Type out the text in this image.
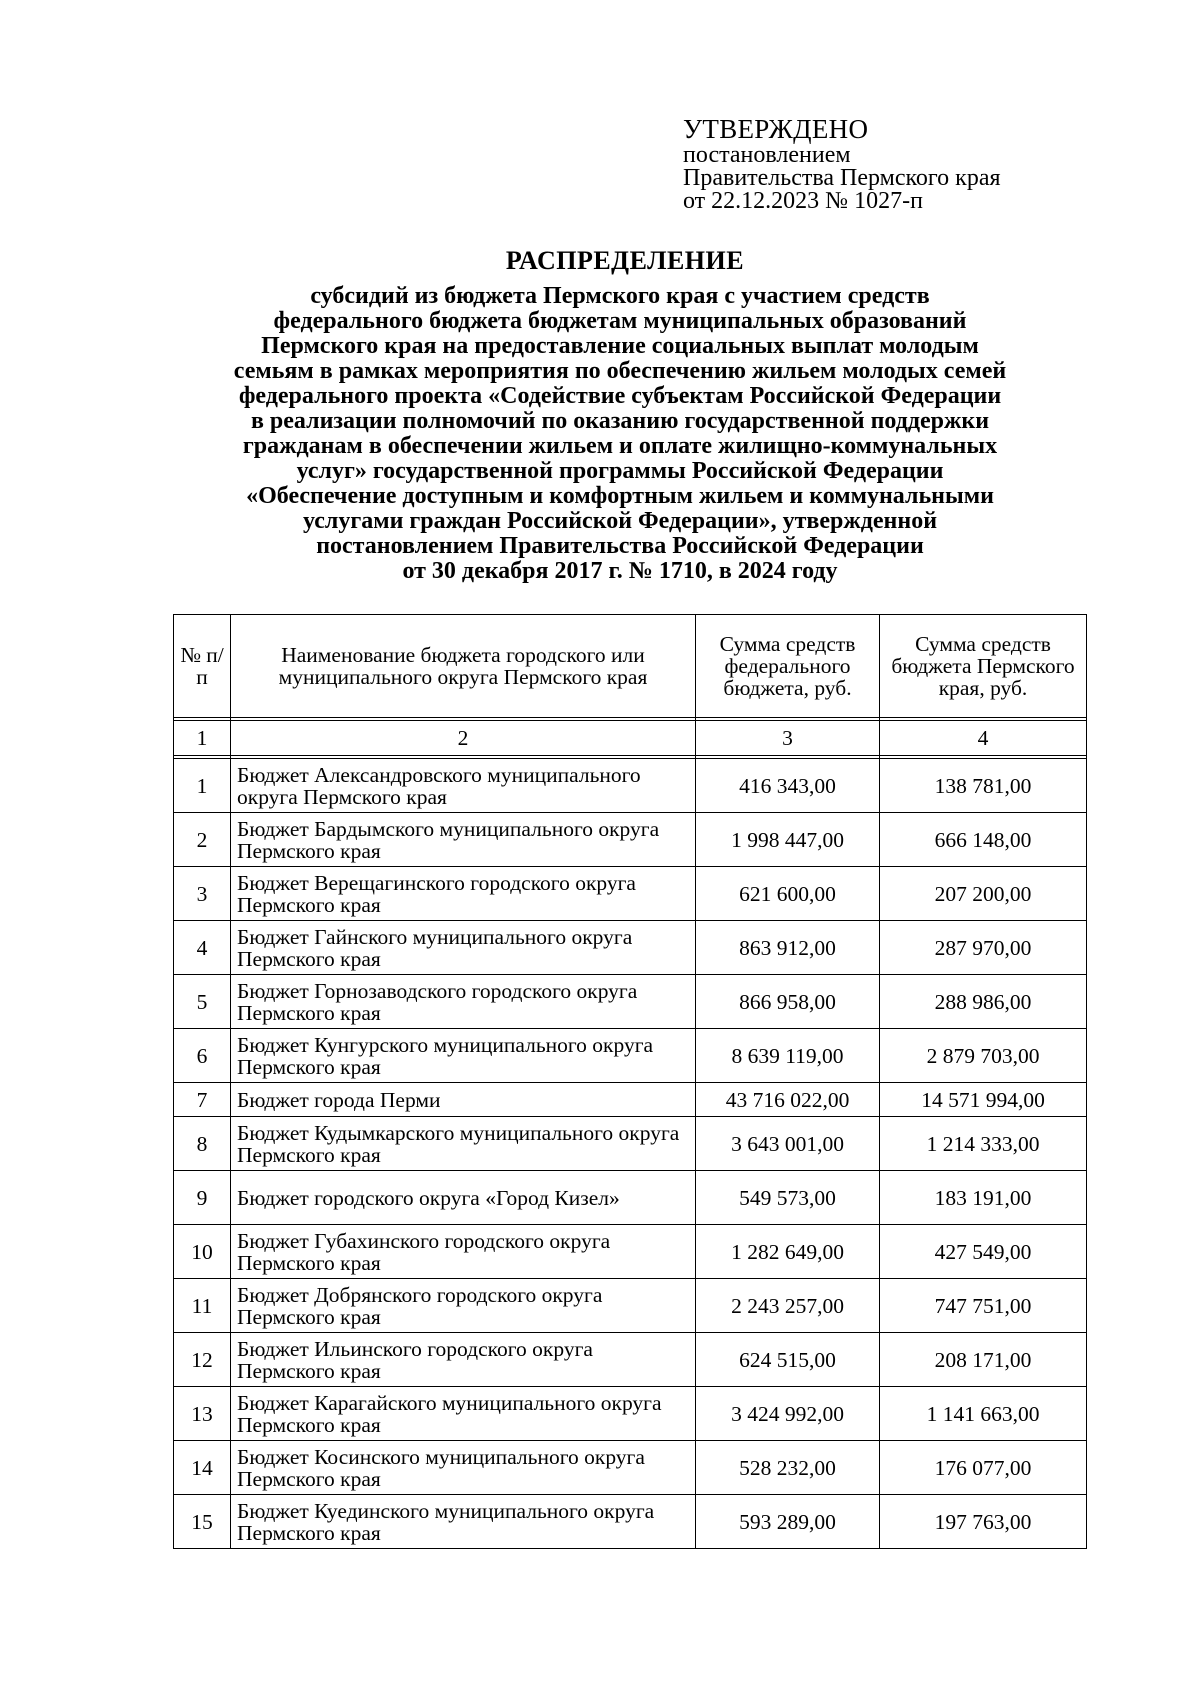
УТВЕРЖДЕНО
постановлением
Правительства Пермского края
от 22.12.2023 № 1027-п
РАСПРЕДЕЛЕНИЕ
субсидий из бюджета Пермского края с участием средств
федерального бюджета бюджетам муниципальных образований
Пермского края на предоставление социальных выплат молодым
семьям в рамках мероприятия по обеспечению жильем молодых семей
федерального проекта «Содействие субъектам Российской Федерации
в реализации полномочий по оказанию государственной поддержки
гражданам в обеспечении жильем и оплате жилищно-коммунальных
услуг» государственной программы Российской Федерации
«Обеспечение доступным и комфортным жильем и коммунальными
услугами граждан Российской Федерации», утвержденной
постановлением Правительства Российской Федерации
от 30 декабря 2017 г. № 1710, в 2024 году
№ п/п	Наименование бюджета городского или муниципального округа Пермского края	Сумма средств федерального бюджета, руб.	Сумма средств бюджета Пермского края, руб.

1	2	3	4

1	Бюджет Александровского муниципального округа Пермского края	416 343,00	138 781,00
2	Бюджет Бардымского муниципального округа Пермского края	1 998 447,00	666 148,00
3	Бюджет Верещагинского городского округа Пермского края	621 600,00	207 200,00
4	Бюджет Гайнского муниципального округа Пермского края	863 912,00	287 970,00
5	Бюджет Горнозаводского городского округа Пермского края	866 958,00	288 986,00
6	Бюджет Кунгурского муниципального округа Пермского края	8 639 119,00	2 879 703,00
7	Бюджет города Перми	43 716 022,00	14 571 994,00
8	Бюджет Кудымкарского муниципального округа Пермского края	3 643 001,00	1 214 333,00
9	Бюджет городского округа «Город Кизел»	549 573,00	183 191,00
10	Бюджет Губахинского городского округа Пермского края	1 282 649,00	427 549,00
11	Бюджет Добрянского городского округа Пермского края	2 243 257,00	747 751,00
12	Бюджет Ильинского городского округа Пермского края	624 515,00	208 171,00
13	Бюджет Карагайского муниципального округа Пермского края	3 424 992,00	1 141 663,00
14	Бюджет Косинского муниципального округа Пермского края	528 232,00	176 077,00
15	Бюджет Куединского муниципального округа Пермского края	593 289,00	197 763,00
